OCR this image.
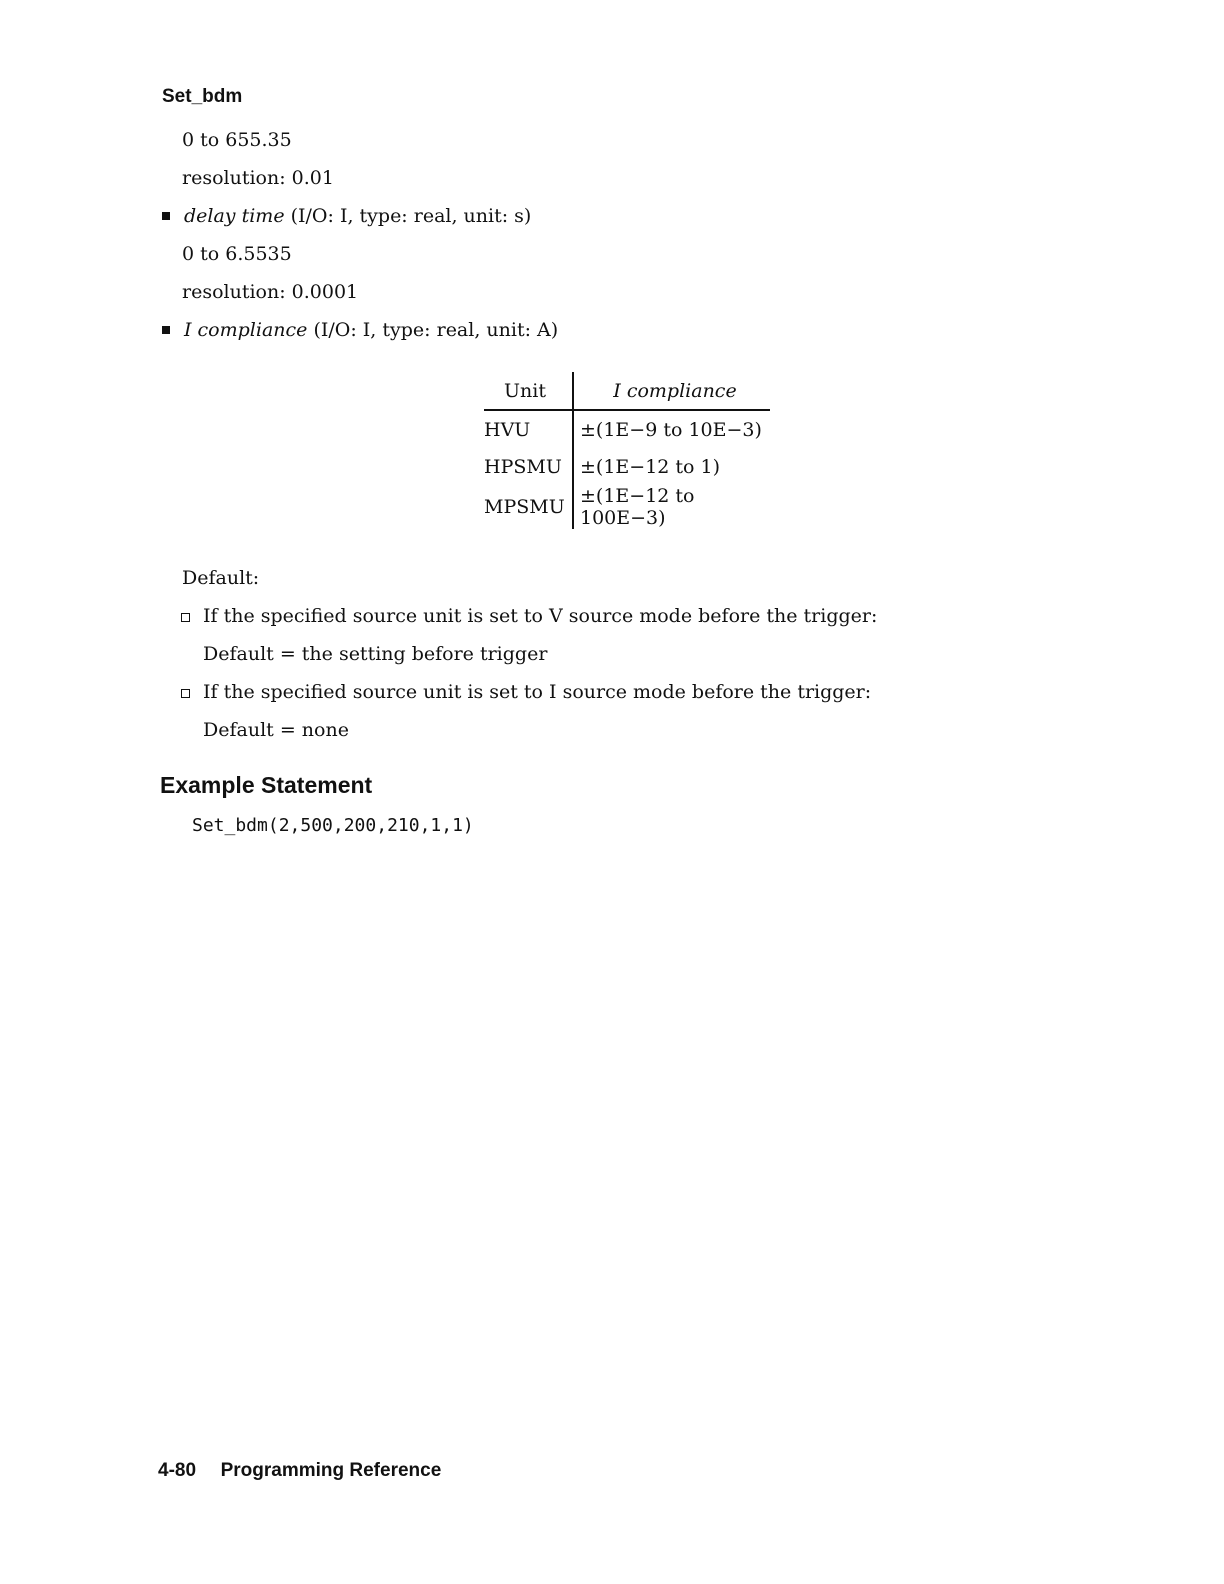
Set_bdm
0 to 655.35
resolution: 0.01
delay time (I/O: I, type: real, unit: s)
0 to 6.5535
resolution: 0.0001
I compliance (I/O: I, type: real, unit: A)
Unit	I compliance
HVU	±(1E−9 to 10E−3)
HPSMU	±(1E−12 to 1)
MPSMU	±(1E−12 to 100E−3)
Default:
If the specified source unit is set to V source mode before the trigger:
Default = the setting before trigger
If the specified source unit is set to I source mode before the trigger:
Default = none
Example Statement
Set_bdm(2,500,200,210,1,1)
4-80 Programming Reference
